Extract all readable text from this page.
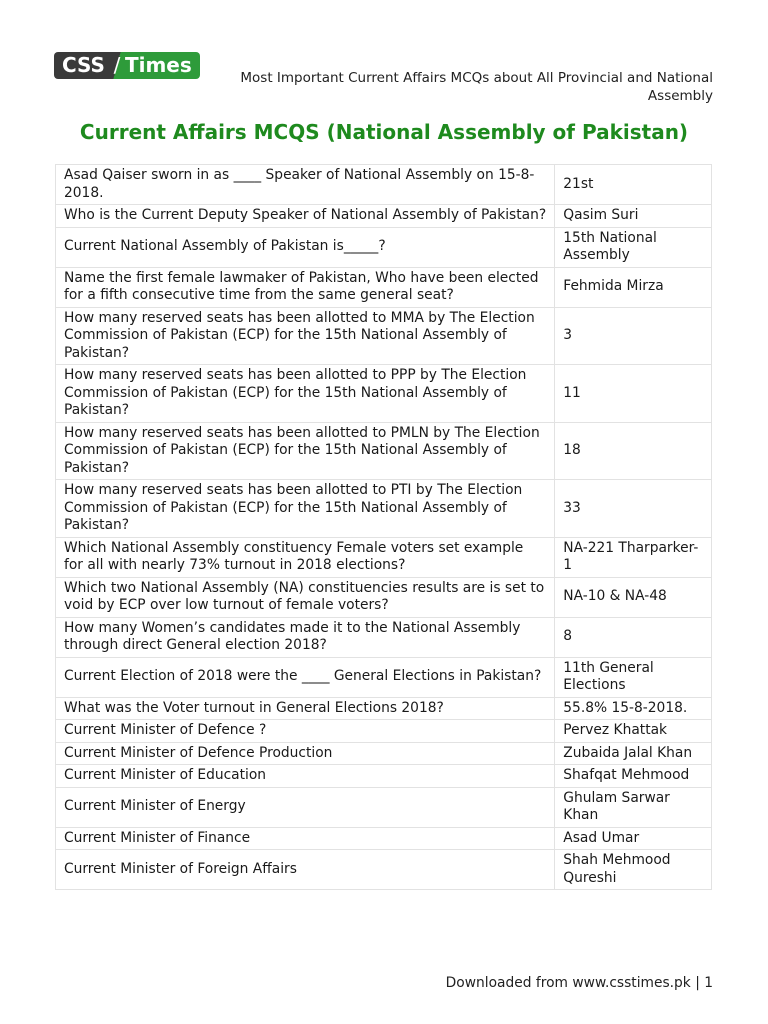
CSS / Times
Most Important Current Affairs MCQs about All Provincial and National Assembly
Current Affairs MCQS (National Assembly of Pakistan)
Asad Qaiser sworn in as ____ Speaker of National Assembly on 15-8-2018.	21st
Who is the Current Deputy Speaker of National Assembly of Pakistan?	Qasim Suri
Current National Assembly of Pakistan is_____?	15th National Assembly
Name the first female lawmaker of Pakistan, Who have been elected for a fifth consecutive time from the same general seat?	Fehmida Mirza
How many reserved seats has been allotted to MMA by The Election Commission of Pakistan (ECP) for the 15th National Assembly of Pakistan?	3
How many reserved seats has been allotted to PPP by The Election Commission of Pakistan (ECP) for the 15th National Assembly of Pakistan?	11
How many reserved seats has been allotted to PMLN by The Election Commission of Pakistan (ECP) for the 15th National Assembly of Pakistan?	18
How many reserved seats has been allotted to PTI by The Election Commission of Pakistan (ECP) for the 15th National Assembly of Pakistan?	33
Which National Assembly constituency Female voters set example for all with nearly 73% turnout in 2018 elections?	NA-221 Tharparker-1
Which two National Assembly (NA) constituencies results are is set to void by ECP over low turnout of female voters?	NA-10 & NA-48
How many Women’s candidates made it to the National Assembly through direct General election 2018?	8
Current Election of 2018 were the ____ General Elections in Pakistan?	11th General Elections
What was the Voter turnout in General Elections 2018?	55.8% 15-8-2018.
Current Minister of Defence ?	Pervez Khattak
Current Minister of Defence Production	Zubaida Jalal Khan
Current Minister of Education	Shafqat Mehmood
Current Minister of Energy	Ghulam Sarwar Khan
Current Minister of Finance	Asad Umar
Current Minister of Foreign Affairs	Shah Mehmood Qureshi
Downloaded from www.csstimes.pk | 1
